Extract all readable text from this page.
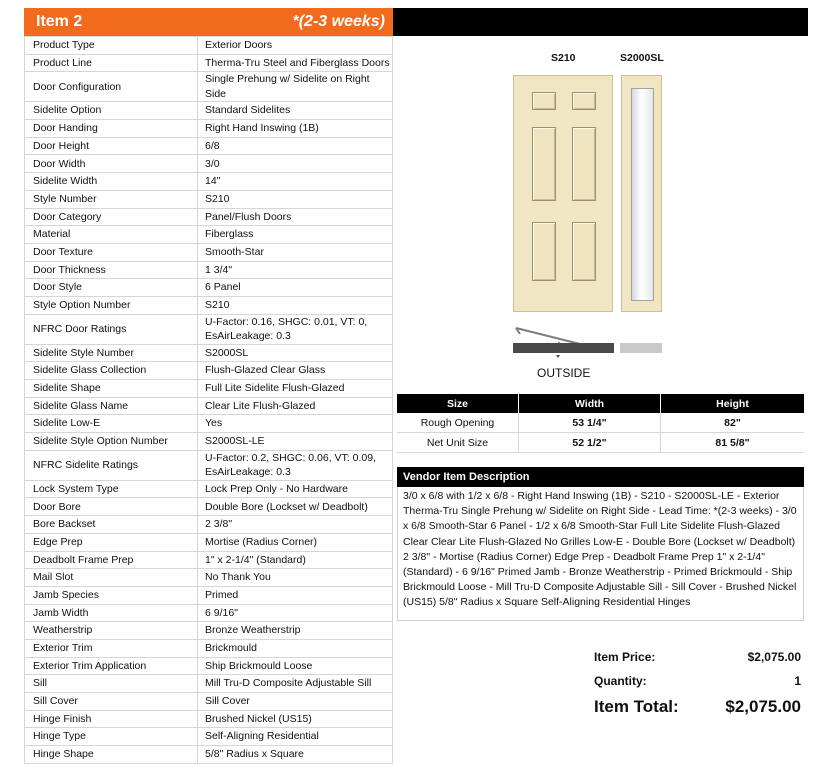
Item 2	*(2-3 weeks)
Product Type	Exterior Doors
Product Line	Therma-Tru Steel and Fiberglass Doors
Door Configuration	Single Prehung w/ Sidelite on Right Side
Sidelite Option	Standard Sidelites
Door Handing	Right Hand Inswing (1B)
Door Height	6/8
Door Width	3/0
Sidelite Width	14"
Style Number	S210
Door Category	Panel/Flush Doors
Material	Fiberglass
Door Texture	Smooth-Star
Door Thickness	1 3/4"
Door Style	6 Panel
Style Option Number	S210
NFRC Door Ratings	U-Factor: 0.16, SHGC: 0.01, VT: 0, EsAirLeakage: 0.3
Sidelite Style Number	S2000SL
Sidelite Glass Collection	Flush-Glazed Clear Glass
Sidelite Shape	Full Lite Sidelite Flush-Glazed
Sidelite Glass Name	Clear Lite Flush-Glazed
Sidelite Low-E	Yes
Sidelite Style Option Number	S2000SL-LE
NFRC Sidelite Ratings	U-Factor: 0.2, SHGC: 0.06, VT: 0.09, EsAirLeakage: 0.3
Lock System Type	Lock Prep Only - No Hardware
Door Bore	Double Bore (Lockset w/ Deadbolt)
Bore Backset	2 3/8"
Edge Prep	Mortise (Radius Corner)
Deadbolt Frame Prep	1" x 2-1/4" (Standard)
Mail Slot	No Thank You
Jamb Species	Primed
Jamb Width	6 9/16"
Weatherstrip	Bronze Weatherstrip
Exterior Trim	Brickmould
Exterior Trim Application	Ship Brickmould Loose
Sill	Mill Tru-D Composite Adjustable Sill
Sill Cover	Sill Cover
Hinge Finish	Brushed Nickel (US15)
Hinge Type	Self-Aligning Residential
Hinge Shape	5/8" Radius x Square
S210	S2000SL
OUTSIDE
Size	Width	Height
Rough Opening	53 1/4"	82"
Net Unit Size	52 1/2"	81 5/8"
Vendor Item Description
3/0 x 6/8 with 1/2 x 6/8 - Right Hand Inswing (1B) - S210 - S2000SL-LE - Exterior Therma-Tru Single Prehung w/ Sidelite on Right Side - Lead Time: *(2-3 weeks) - 3/0 x 6/8 Smooth-Star 6 Panel - 1/2 x 6/8 Smooth-Star Full Lite Sidelite Flush-Glazed Clear Clear Lite Flush-Glazed No Grilles Low-E - Double Bore (Lockset w/ Deadbolt) 2 3/8" - Mortise (Radius Corner) Edge Prep - Deadbolt Frame Prep 1" x 2-1/4" (Standard) - 6 9/16" Primed Jamb - Bronze Weatherstrip - Primed Brickmould - Ship Brickmould Loose - Mill Tru-D Composite Adjustable Sill - Sill Cover - Brushed Nickel (US15) 5/8" Radius x Square Self-Aligning Residential Hinges
Item Price:	$2,075.00
Quantity:	1
Item Total:	$2,075.00
